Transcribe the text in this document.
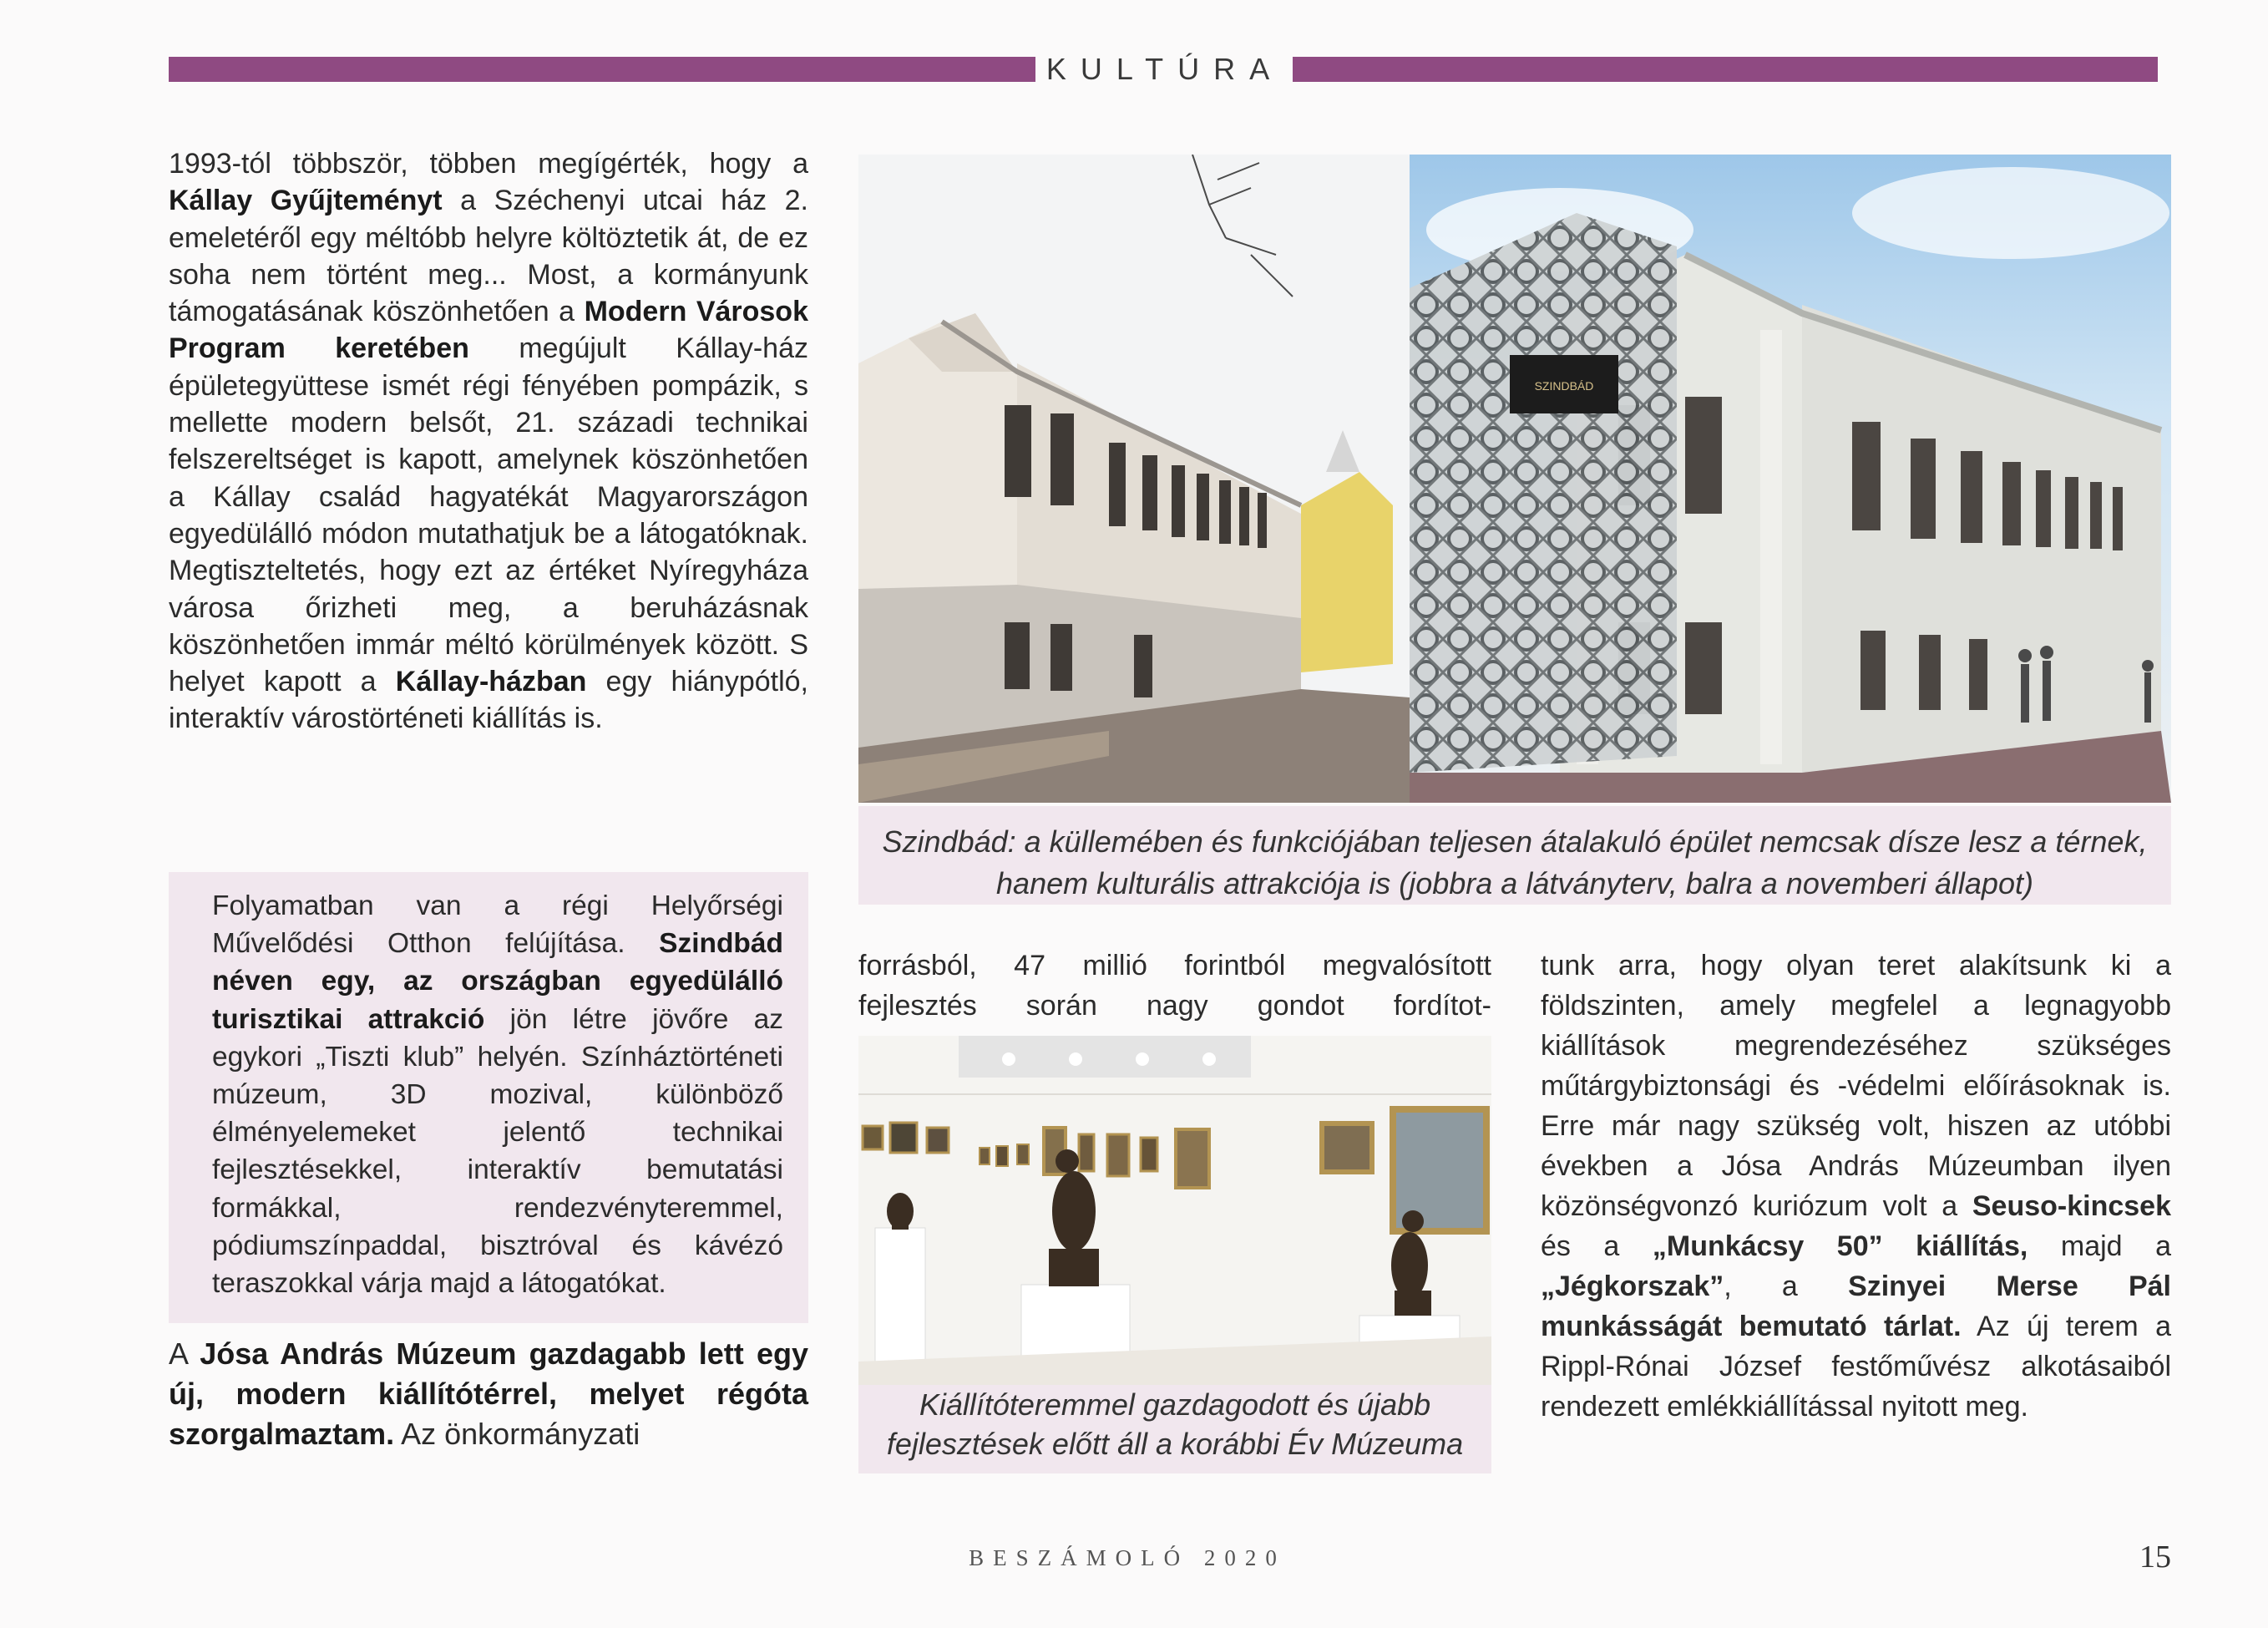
KULTÚRA
1993-tól többször, többen megígérték, hogy a Kállay Gyűjteményt a Széchenyi utcai ház 2. emeletéről egy méltóbb helyre költöztetik át, de ez soha nem történt meg... Most, a kormányunk támogatásának köszönhetően a Modern Városok Program keretében megújult Kállay-ház épületegyüttese ismét régi fényében pompázik, s mellette modern belsőt, 21. századi technikai felszereltséget is kapott, amelynek köszönhetően a Kállay család hagyatékát Magyarországon egyedülálló módon mutathatjuk be a látogatóknak. Megtiszteltetés, hogy ezt az értéket Nyíregyháza városa őrizheti meg, a beruházásnak köszönhetően immár méltó körülmények között. S helyet kapott a Kállay-házban egy hiánypótló, interaktív várostörténeti kiállítás is.
Folyamatban van a régi Helyőrségi Művelődési Otthon felújítása. Szindbád néven egy, az országban egyedülálló turisztikai attrakció jön létre jövőre az egykori „Tiszti klub” helyén. Színháztörténeti múzeum, 3D mozival, különböző élményelemeket jelentő technikai fejlesztésekkel, interaktív bemutatási formákkal, rendezvényteremmel, pódiumszínpaddal, bisztróval és kávézó teraszokkal várja majd a látogatókat.
A Jósa András Múzeum gazdagabb lett egy új, modern kiállítótérrel, melyet régóta szorgalmaztam. Az önkormányzati
SZINDBÁD
Szindbád: a küllemében és funkciójában teljesen átalakuló épület nemcsak dísze lesz a térnek, hanem kulturális attrakciója is (jobbra a látványterv, balra a novemberi állapot)
forrásból, 47 millió forintból megvalósított fejlesztés során nagy gondot fordítot-
Kiállítóteremmel gazdagodott és újabb fejlesztések előtt áll a korábbi Év Múzeuma
tunk arra, hogy olyan teret alakítsunk ki a földszinten, amely megfelel a legnagyobb kiállítások megrendezéséhez szükséges műtárgybiztonsági és -védelmi előírásoknak is. Erre már nagy szükség volt, hiszen az utóbbi években a Jósa András Múzeumban ilyen közönségvonzó kuriózum volt a Seuso-kincsek és a „Munkácsy 50” kiállítás, majd a „Jégkorszak”, a Szinyei Merse Pál munkásságát bemutató tárlat. Az új terem a Rippl-Rónai József festőművész alkotásaiból rendezett emlékkiállítással nyitott meg.
BESZÁMOLÓ 2020	15
